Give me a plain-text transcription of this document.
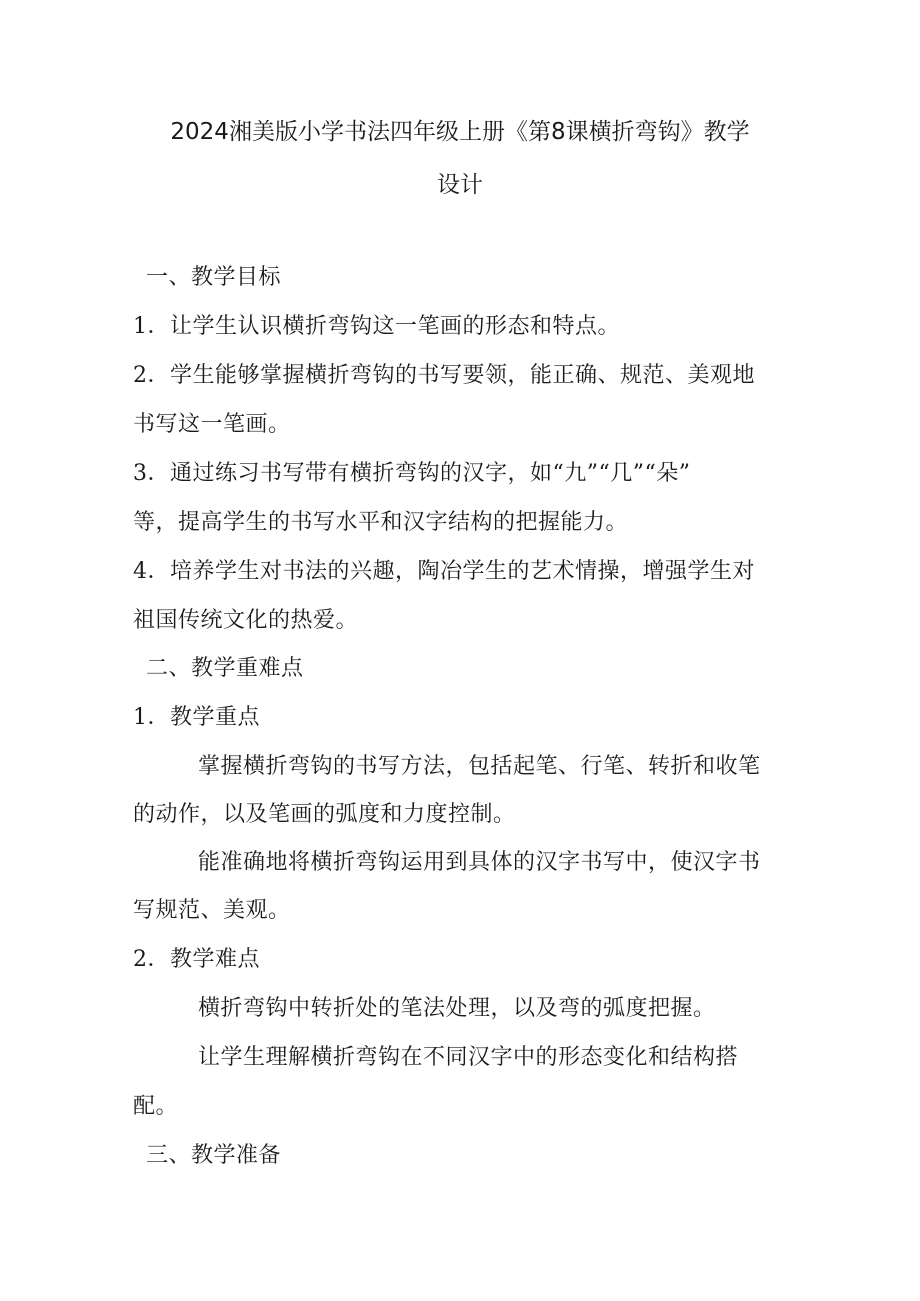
2024湘美版小学书法四年级上册《第8课横折弯钩》教学
设计
一、教学目标
1．让学生认识横折弯钩这一笔画的形态和特点。
2．学生能够掌握横折弯钩的书写要领，能正确、规范、美观地
书写这一笔画。
3．通过练习书写带有横折弯钩的汉字，如“九”“几”“朵”
等，提高学生的书写水平和汉字结构的把握能力。
4．培养学生对书法的兴趣，陶冶学生的艺术情操，增强学生对
祖国传统文化的热爱。
二、教学重难点
1．教学重点
掌握横折弯钩的书写方法，包括起笔、行笔、转折和收笔
的动作，以及笔画的弧度和力度控制。
能准确地将横折弯钩运用到具体的汉字书写中，使汉字书
写规范、美观。
2．教学难点
横折弯钩中转折处的笔法处理，以及弯的弧度把握。
让学生理解横折弯钩在不同汉字中的形态变化和结构搭
配。
三、教学准备
